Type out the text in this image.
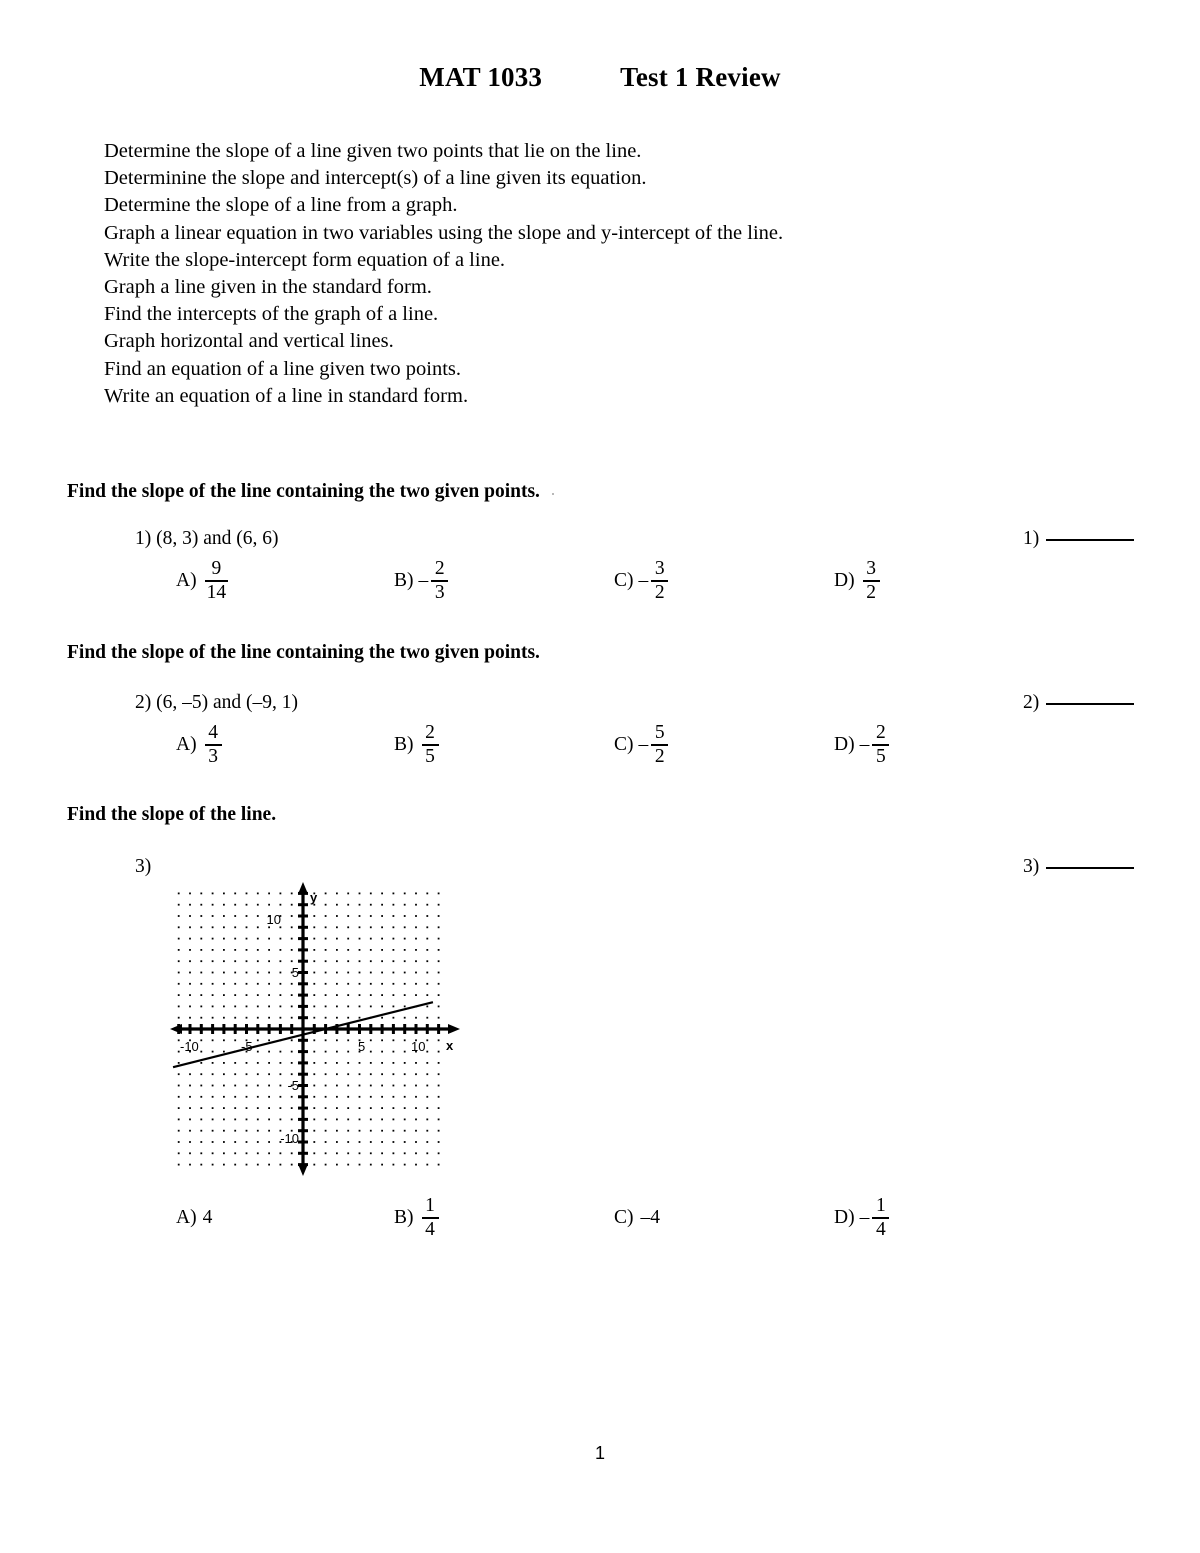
MAT 1033	Test 1 Review
Determine the slope of a line given two points that lie on the line.
Determinine the slope and intercept(s) of a line given its equation.
Determine the slope of a line from a graph.
Graph a linear equation in two variables using the slope and y-intercept of the line.
Write the slope-intercept form equation of a line.
Graph a line given in the standard form.
Find the intercepts of the graph of a line.
Graph horizontal and vertical lines.
Find an equation of a line given two points.
Write an equation of a line in standard form.
Find the slope of the line containing the two given points.
1) (8, 3) and (6, 6)	1)
$A) \frac{9}{14}$	$B) - \frac{2}{3}$	$C) - \frac{3}{2}$	$D) \frac{3}{2}$
Find the slope of the line containing the two given points.
2) (6, –5) and (–9, 1)	2)
$A) \frac{4}{3}$	$B) \frac{2}{5}$	$C) - \frac{5}{2}$	$D) - \frac{2}{5}$
Find the slope of the line.
3)	3)
y
x
-10	-5	5	10
10
5
-5
-10
A) 4	$B) \frac{1}{4}$	C) –4	$D) - \frac{1}{4}$
1
